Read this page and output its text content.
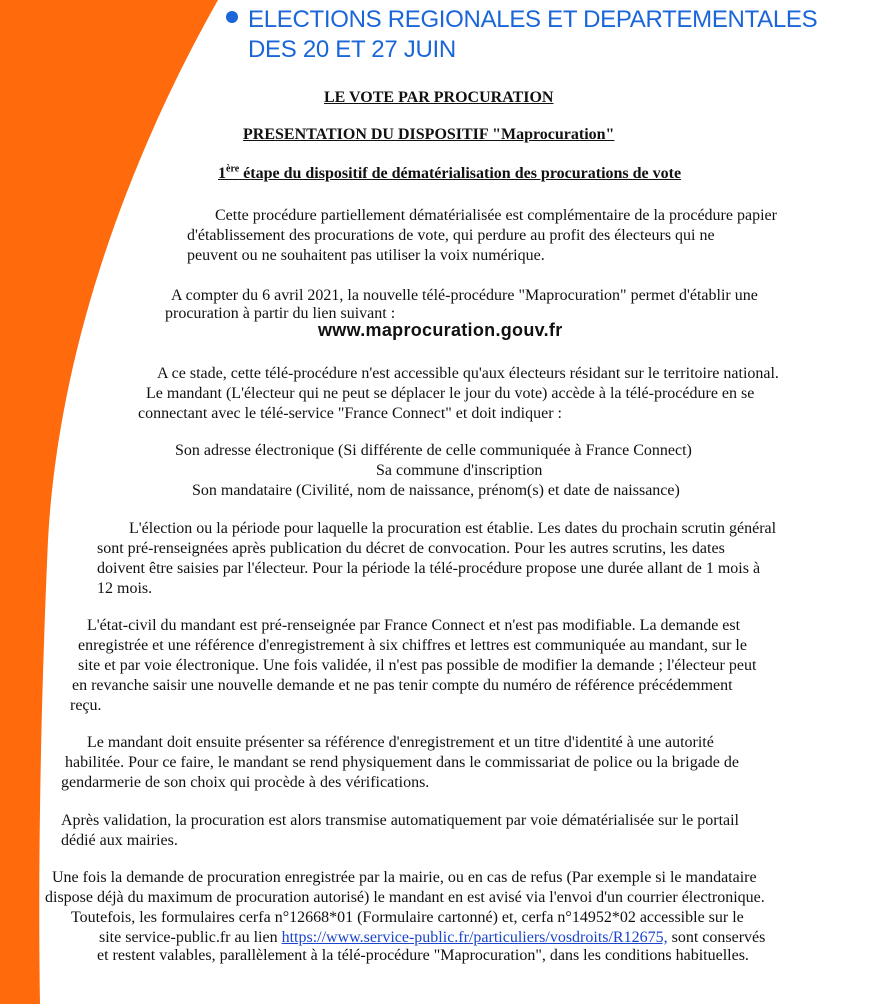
ELECTIONS REGIONALES ET DEPARTEMENTALES
DES 20 ET 27 JUIN
LE VOTE PAR PROCURATION
PRESENTATION DU DISPOSITIF "Maprocuration"
1ère étape du dispositif de dématérialisation des procurations de vote
Cette procédure partiellement dématérialisée est complémentaire de la procédure papier
d'établissement des procurations de vote, qui perdure au profit des électeurs qui ne
peuvent ou ne souhaitent pas utiliser la voix numérique.
A compter du 6 avril 2021, la nouvelle télé-procédure "Maprocuration" permet d'établir une
procuration à partir du lien suivant :
www.maprocuration.gouv.fr
A ce stade, cette télé-procédure n'est accessible qu'aux électeurs résidant sur le territoire national.
Le mandant (L'électeur qui ne peut se déplacer le jour du vote) accède à la télé-procédure en se
connectant avec le télé-service "France Connect" et doit indiquer :
Son adresse électronique (Si différente de celle communiquée à France Connect)
Sa commune d'inscription
Son mandataire (Civilité, nom de naissance, prénom(s) et date de naissance)
L'élection ou la période pour laquelle la procuration est établie. Les dates du prochain scrutin général
sont pré-renseignées après publication du décret de convocation. Pour les autres scrutins, les dates
doivent être saisies par l'électeur. Pour la période la télé-procédure propose une durée allant de 1 mois à
12 mois.
L'état-civil du mandant est pré-renseignée par France Connect et n'est pas modifiable. La demande est
enregistrée et une référence d'enregistrement à six chiffres et lettres est communiquée au mandant, sur le
site et par voie électronique. Une fois validée, il n'est pas possible de modifier la demande ; l'électeur peut
en revanche saisir une nouvelle demande et ne pas tenir compte du numéro de référence précédemment
reçu.
Le mandant doit ensuite présenter sa référence d'enregistrement et un titre d'identité à une autorité
habilitée. Pour ce faire, le mandant se rend physiquement dans le commissariat de police ou la brigade de
gendarmerie de son choix qui procède à des vérifications.
Après validation, la procuration est alors transmise automatiquement par voie dématérialisée sur le portail
dédié aux mairies.
Une fois la demande de procuration enregistrée par la mairie, ou en cas de refus (Par exemple si le mandataire
dispose déjà du maximum de procuration autorisé) le mandant en est avisé via l'envoi d'un courrier électronique.
Toutefois, les formulaires cerfa n°12668*01 (Formulaire cartonné) et, cerfa n°14952*02 accessible sur le
site service-public.fr au lien https://www.service-public.fr/particuliers/vosdroits/R12675, sont conservés
et restent valables, parallèlement à la télé-procédure "Maprocuration", dans les conditions habituelles.
